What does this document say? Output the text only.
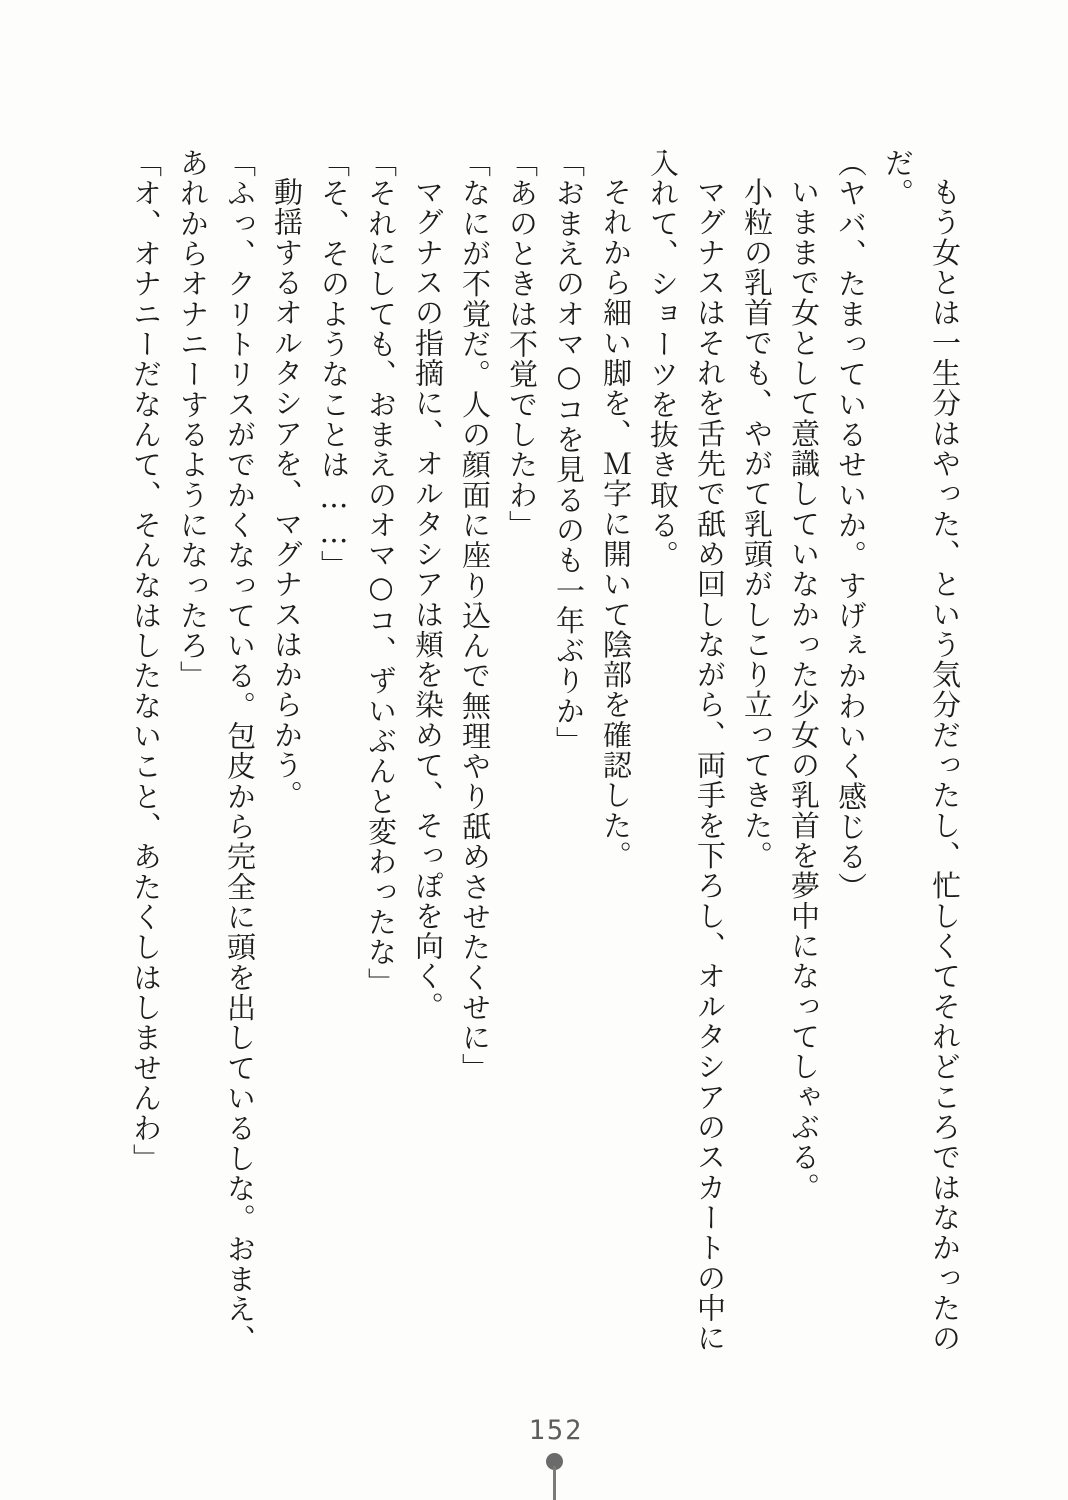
もう女とは一生分はやった、という気分だったし、忙しくてそれどころではなかったの

だ。

（ヤバ、たまっているせいか。すげぇかわいく感じる）

いままで女として意識していなかった少女の乳首を夢中になってしゃぶる。

小粒の乳首でも、やがて乳頭がしこり立ってきた。

マグナスはそれを舌先で舐め回しながら、両手を下ろし、オルタシアのスカートの中に

入れて、ショーツを抜き取る。

それから細い脚を、Ｍ字に開いて陰部を確認した。

「おまえのオマ○コを見るのも一年ぶりか」

「あのときは不覚でしたわ」

「なにが不覚だ。人の顔面に座り込んで無理やり舐めさせたくせに」

マグナスの指摘に、オルタシアは頬を染めて、そっぽを向く。

「それにしても、おまえのオマ○コ、ずいぶんと変わったな」

「そ、そのようなことは……」

動揺するオルタシアを、マグナスはからかう。

「ふっ、クリトリスがでかくなっている。包皮から完全に頭を出しているしな。おまえ、

あれからオナニーするようになったろ」

「オ、オナニーだなんて、そんなはしたないこと、あたくしはしませんわ」

152
